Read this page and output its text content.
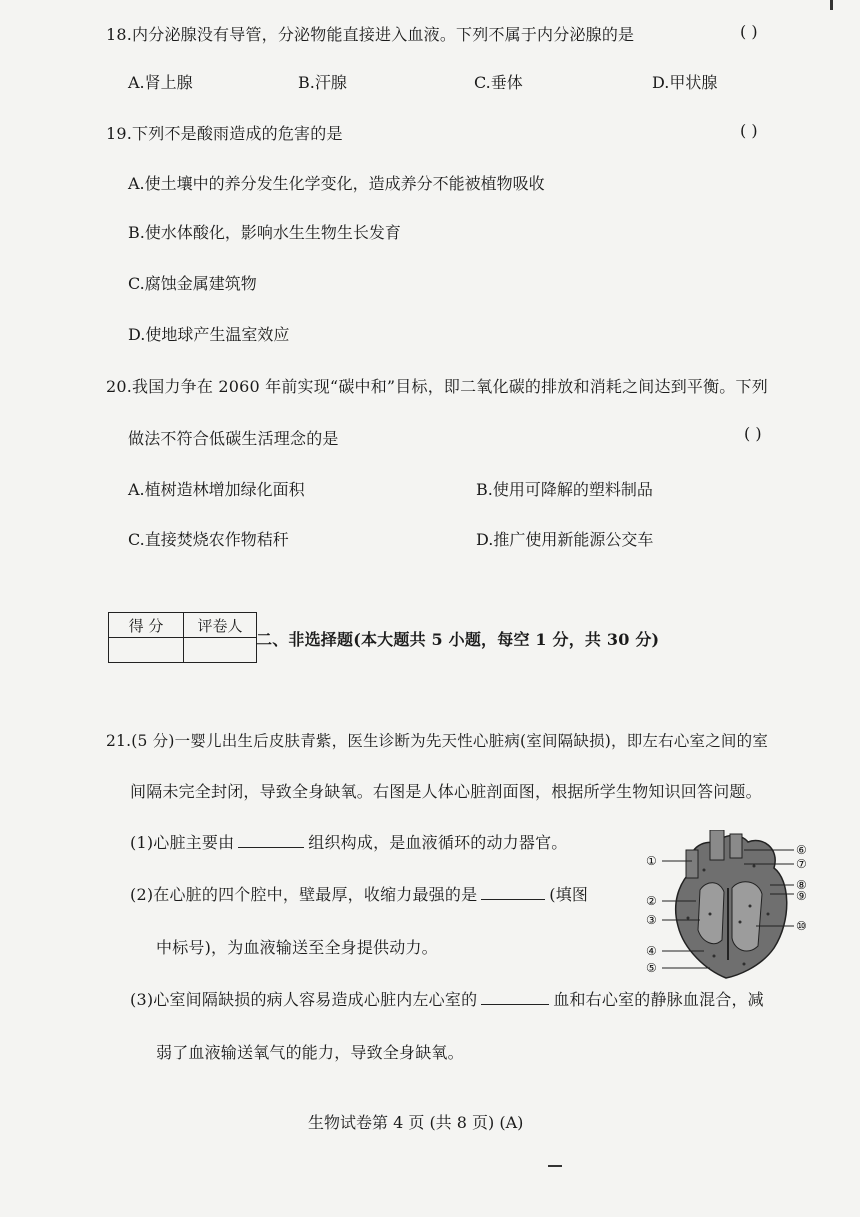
18.内分泌腺没有导管，分泌物能直接进入血液。下列不属于内分泌腺的是	( )
A.肾上腺	B.汗腺	C.垂体	D.甲状腺
19.下列不是酸雨造成的危害的是	( )
A.使土壤中的养分发生化学变化，造成养分不能被植物吸收
B.使水体酸化，影响水生生物生长发育
C.腐蚀金属建筑物
D.使地球产生温室效应
20.我国力争在 2060 年前实现“碳中和”目标，即二氧化碳的排放和消耗之间达到平衡。下列
做法不符合低碳生活理念的是	( )
A.植树造林增加绿化面积	B.使用可降解的塑料制品
C.直接焚烧农作物秸秆	D.推广使用新能源公交车
得 分	评卷人

二、非选择题(本大题共 5 小题，每空 1 分，共 30 分)
21.(5 分)一婴儿出生后皮肤青紫，医生诊断为先天性心脏病(室间隔缺损)，即左右心室之间的室
间隔未完全封闭，导致全身缺氧。右图是人体心脏剖面图，根据所学生物知识回答问题。
(1)心脏主要由	组织构成，是血液循环的动力器官。
(2)在心脏的四个腔中，壁最厚，收缩力最强的是	(填图
中标号)，为血液输送至全身提供动力。
(3)心室间隔缺损的病人容易造成心脏内左心室的	血和右心室的静脉血混合，减
弱了血液输送氧气的能力，导致全身缺氧。
①
②
③
④
⑤
⑥
⑦
⑧
⑨
⑩
生物试卷第 4 页 (共 8 页) (A)
